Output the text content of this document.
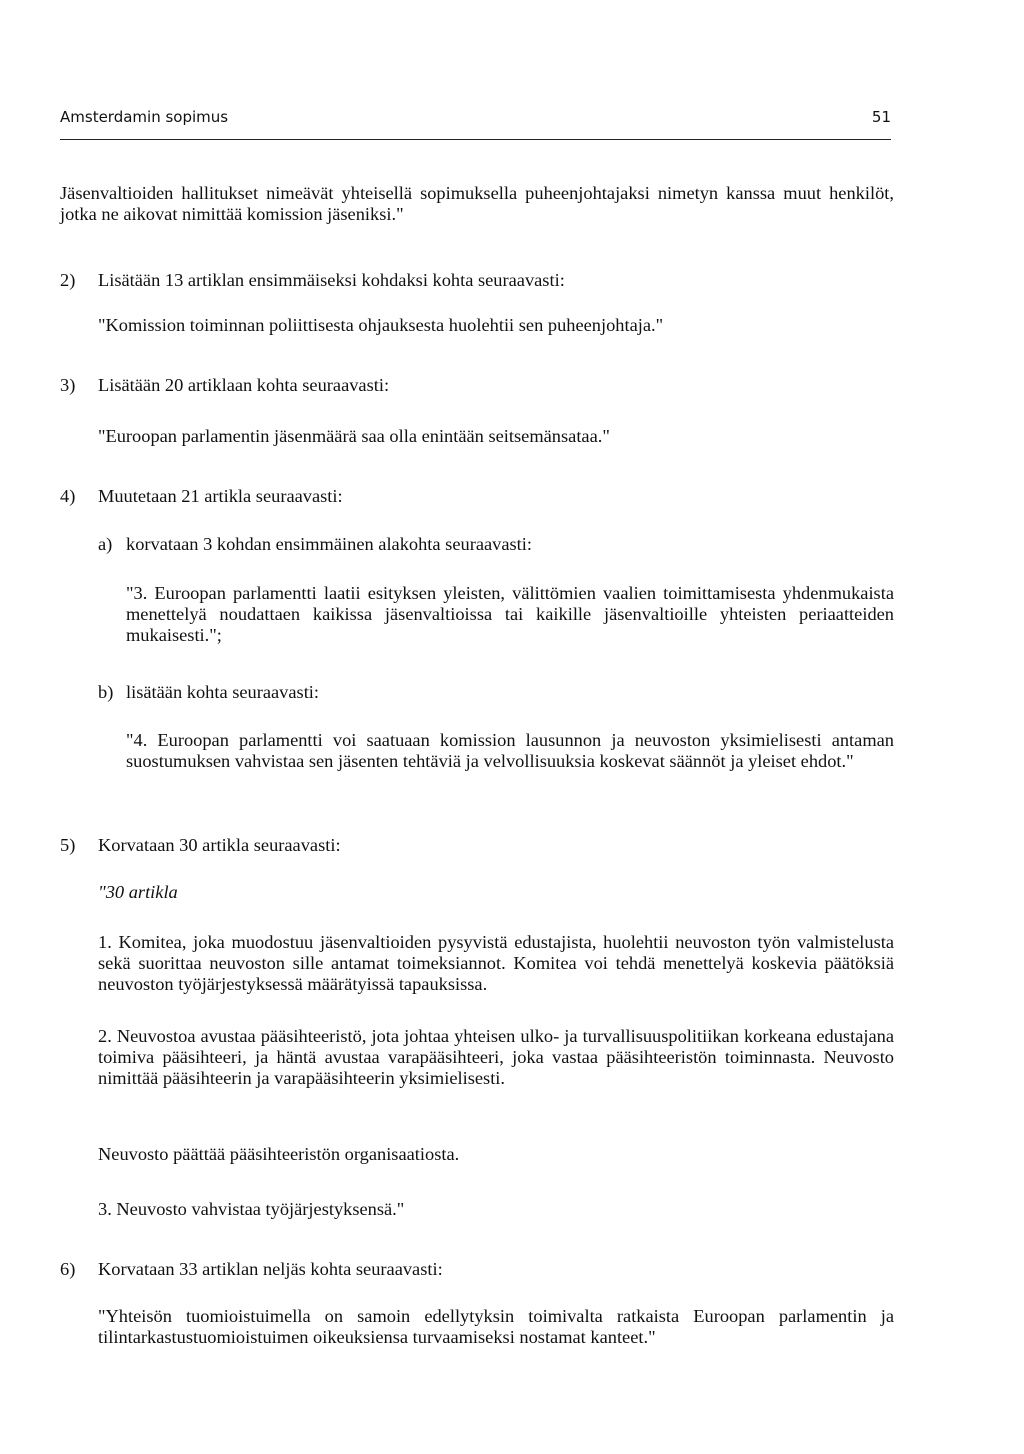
Amsterdamin sopimus	51

Jäsenvaltioiden hallitukset nimeävät yhteisellä sopimuksella puheenjohtajaksi nimetyn kanssa muut henkilöt, jotka ne aikovat nimittää komission jäseniksi."

2)	Lisätään 13 artiklan ensimmäiseksi kohdaksi kohta seuraavasti:

"Komission toiminnan poliittisesta ohjauksesta huolehtii sen puheenjohtaja."

3)	Lisätään 20 artiklaan kohta seuraavasti:

"Euroopan parlamentin jäsenmäärä saa olla enintään seitsemänsataa."

4)	Muutetaan 21 artikla seuraavasti:
a) korvataan 3 kohdan ensimmäinen alakohta seuraavasti:

"3. Euroopan parlamentti laatii esityksen yleisten, välittömien vaalien toimittamisesta yhdenmukaista menettelyä noudattaen kaikissa jäsenvaltioissa tai kaikille jäsenvaltioille yhteisten periaatteiden mukaisesti.";

b) lisätään kohta seuraavasti:

"4. Euroopan parlamentti voi saatuaan komission lausunnon ja neuvoston yksimielisesti antaman suostumuksen vahvistaa sen jäsenten tehtäviä ja velvollisuuksia koskevat säännöt ja yleiset ehdot."

5)	Korvataan 30 artikla seuraavasti:

"30 artikla

1. Komitea, joka muodostuu jäsenvaltioiden pysyvistä edustajista, huolehtii neuvoston työn valmistelusta sekä suorittaa neuvoston sille antamat toimeksiannot. Komitea voi tehdä menettelyä koskevia päätöksiä neuvoston työjärjestyksessä määrätyissä tapauksissa.

2. Neuvostoa avustaa pääsihteeristö, jota johtaa yhteisen ulko- ja turvallisuuspolitiikan korkeana edustajana toimiva pääsihteeri, ja häntä avustaa varapääsihteeri, joka vastaa pääsihteeristön toiminnasta. Neuvosto nimittää pääsihteerin ja varapääsihteerin yksimielisesti.

Neuvosto päättää pääsihteeristön organisaatiosta.

3. Neuvosto vahvistaa työjärjestyksensä."

6)	Korvataan 33 artiklan neljäs kohta seuraavasti:

"Yhteisön tuomioistuimella on samoin edellytyksin toimivalta ratkaista Euroopan parlamentin ja tilintarkastustuomioistuimen oikeuksiensa turvaamiseksi nostamat kanteet."
